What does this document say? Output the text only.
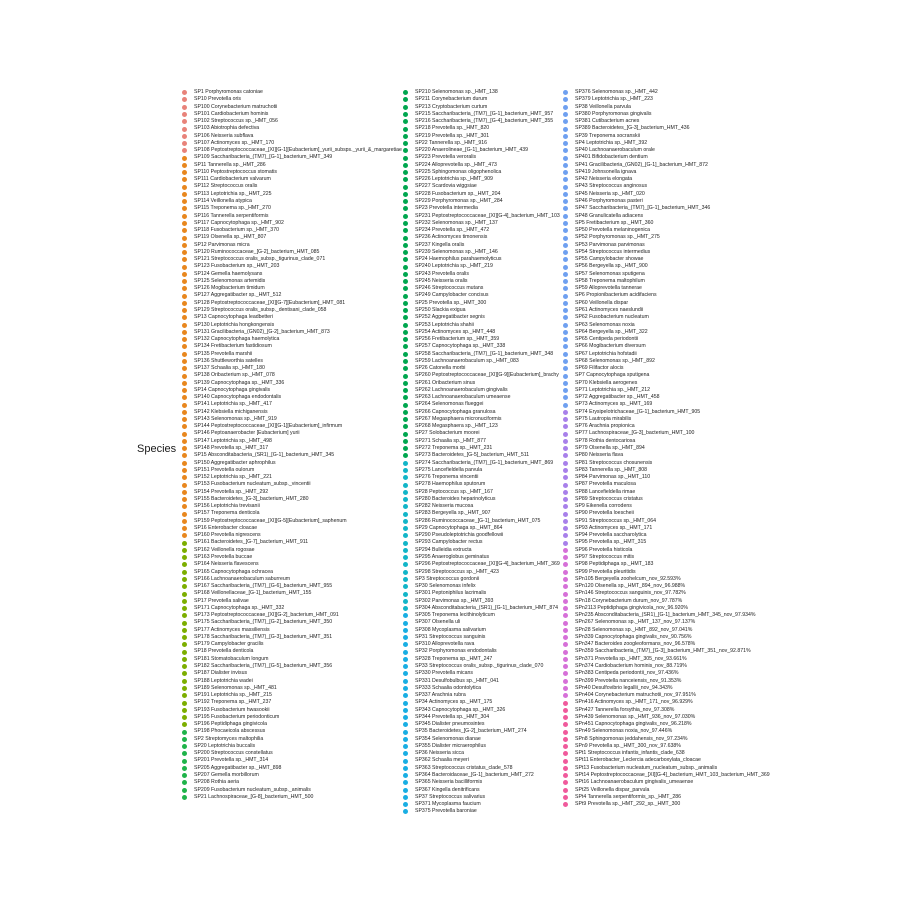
Species
SP1 Porphyromonas catoniae
SP10 Prevotella oris
SP100 Corynebacterium matruchotii
SP101 Cardiobacterium hominis
SP102 Streptococcus sp._HMT_056
SP103 Abiotrophia defectiva
SP106 Neisseria subflava
SP107 Actinomyces sp._HMT_170
SP108 Peptostreptococcaceae_[XI][G-1][Eubacterium]_yurii_subsps._yurii_&_margaretiae
SP109 Saccharibacteria_(TM7)_[G-1]_bacterium_HMT_349
SP11 Tannerella sp._HMT_286
SP110 Peptostreptococcus stomatis
SP111 Cardiobacterium valvarum
SP112 Streptococcus oralis
SP113 Leptotrichia sp._HMT_225
SP114 Veillonella atypica
SP115 Treponema sp._HMT_270
SP116 Tannerella serpentiformis
SP117 Capnocytophaga sp._HMT_902
SP118 Fusobacterium sp._HMT_370
SP119 Olsenella sp._HMT_807
SP12 Parvimonas micra
SP120 Ruminococcaceae_[G-2]_bacterium_HMT_085
SP121 Streptococcus oralis_subsp._tigurinus_clade_071
SP123 Fusobacterium sp._HMT_203
SP124 Gemella haemolysans
SP125 Selenomonas artemidis
SP126 Mogibacterium timidum
SP127 Aggregatibacter sp._HMT_512
SP128 Peptostreptococcaceae_[XI][G-7][Eubacterium]_HMT_081
SP129 Streptococcus oralis_subsp._dentisani_clade_058
SP13 Capnocytophaga leadbetteri
SP130 Leptotrichia hongkongensis
SP131 Gracilibacteria_(GN02)_[G-2]_bacterium_HMT_873
SP132 Capnocytophaga haemolytica
SP134 Fretibacterium fastidiosum
SP135 Prevotella marshii
SP136 Shuttleworthia satelles
SP137 Schaalia sp._HMT_180
SP138 Oribacterium sp._HMT_078
SP139 Capnocytophaga sp._HMT_336
SP14 Capnocytophaga gingivalis
SP140 Capnocytophaga endodontalis
SP141 Leptotrichia sp._HMT_417
SP142 Klebsiella michiganensis
SP143 Selenomonas sp._HMT_919
SP144 Peptostreptococcaceae_[XI][G-1][Eubacterium]_infirmum
SP146 Peptoanaerobacter [Eubacterium] yurii
SP147 Leptotrichia sp._HMT_498
SP148 Prevotella sp._HMT_317
SP15 Absconditabacteria_(SR1)_[G-1]_bacterium_HMT_345
SP150 Aggregatibacter aphrophilus
SP151 Prevotella oulorum
SP152 Leptotrichia sp._HMT_221
SP153 Fusobacterium nucleatum_subsp._vincentii
SP154 Prevotella sp._HMT_292
SP155 Bacteroidetes_[G-3]_bacterium_HMT_280
SP156 Leptotrichia trevisanii
SP157 Treponema denticola
SP159 Peptostreptococcaceae_[XI][G-5][Eubacterium]_saphenum
SP16 Enterobacter cloacae
SP160 Prevotella nigrescens
SP161 Bacteroidetes_[G-7]_bacterium_HMT_911
SP162 Veillonella rogosae
SP163 Prevotella buccae
SP164 Neisseria flavescens
SP165 Capnocytophaga ochracea
SP166 Lachnoanaerobaculum saburreum
SP167 Saccharibacteria_(TM7)_[G-6]_bacterium_HMT_955
SP168 Veillonellaceae_[G-1]_bacterium_HMT_155
SP17 Prevotella salivae
SP171 Capnocytophaga sp._HMT_332
SP173 Peptostreptococcaceae_[XI][G-2]_bacterium_HMT_091
SP175 Saccharibacteria_(TM7)_[G-2]_bacterium_HMT_350
SP177 Actinomyces massiliensis
SP178 Saccharibacteria_(TM7)_[G-3]_bacterium_HMT_351
SP179 Campylobacter gracilis
SP18 Prevotella denticola
SP181 Stomatobaculum longum
SP182 Saccharibacteria_(TM7)_[G-5]_bacterium_HMT_356
SP187 Dialister invisus
SP188 Leptotrichia wadei
SP189 Selenomonas sp._HMT_481
SP191 Leptotrichia sp._HMT_215
SP192 Treponema sp._HMT_237
SP193 Fusobacterium hwasookii
SP195 Fusobacterium periodonticum
SP196 Peptidiphaga gingivicola
SP198 Phocaeicola abscessus
SP2 Streptomyces maltophilia
SP20 Leptotrichia buccalis
SP200 Streptococcus constellatus
SP201 Prevotella sp._HMT_314
SP205 Aggregatibacter sp._HMT_898
SP207 Gemella morbillorum
SP208 Rothia aeria
SP209 Fusobacterium nucleatum_subsp._animalis
SP21 Lachnospiraceae_[G-8]_bacterium_HMT_500
SP210 Selenomonas sp._HMT_138
SP211 Corynebacterium durum
SP213 Cryptobacterium curtum
SP215 Saccharibacteria_(TM7)_[G-1]_bacterium_HMT_957
SP216 Saccharibacteria_(TM7)_[G-4]_bacterium_HMT_355
SP218 Prevotella sp._HMT_820
SP219 Prevotella sp._HMT_301
SP22 Tannerella sp._HMT_916
SP220 Anaerolineae_[G-1]_bacterium_HMT_439
SP223 Prevotella veroralis
SP224 Alloprevotella sp._HMT_473
SP225 Sphingomonas oligophenolica
SP226 Leptotrichia sp._HMT_909
SP227 Scardovia wiggsiae
SP228 Fusobacterium sp._HMT_204
SP229 Porphyromonas sp._HMT_284
SP23 Prevotella intermedia
SP231 Peptostreptococcaceae_[XI][G-4]_bacterium_HMT_103
SP232 Selenomonas sp._HMT_137
SP234 Prevotella sp._HMT_472
SP236 Actinomyces timonensis
SP237 Kingella oralis
SP239 Selenomonas sp._HMT_146
SP24 Haemophilus parahaemolyticus
SP240 Leptotrichia sp._HMT_219
SP243 Prevotella oralis
SP245 Neisseria oralis
SP246 Streptococcus mutans
SP249 Campylobacter concisus
SP25 Prevotella sp._HMT_300
SP250 Slackia exigua
SP252 Aggregatibacter segnis
SP253 Leptotrichia shahii
SP254 Actinomyces sp._HMT_448
SP256 Fretibacterium sp._HMT_359
SP257 Capnocytophaga sp._HMT_338
SP258 Saccharibacteria_(TM7)_[G-1]_bacterium_HMT_348
SP259 Lachnoanaerobaculum sp._HMT_083
SP26 Catonella morbi
SP260 Peptostreptococcaceae_[XI][G-9][Eubacterium]_brachy
SP261 Oribacterium sinus
SP262 Lachnoanaerobaculum gingivalis
SP263 Lachnoanaerobaculum umeaense
SP264 Selenomonas flueggei
SP266 Capnocytophaga granulosa
SP267 Megasphaera micronuciformis
SP268 Megasphaera sp._HMT_123
SP27 Solobacterium moorei
SP271 Schaalia sp._HMT_877
SP272 Treponema sp._HMT_231
SP273 Bacteroidetes_[G-5]_bacterium_HMT_511
SP274 Saccharibacteria_(TM7)_[G-1]_bacterium_HMT_869
SP275 Lancefieldella parvula
SP276 Treponema vincentii
SP278 Haemophilus sputorum
SP28 Peptococcus sp._HMT_167
SP280 Bacteroides heparinolyticus
SP282 Neisseria mucosa
SP283 Bergeyella sp._HMT_907
SP286 Ruminococcaceae_[G-1]_bacterium_HMT_075
SP29 Capnocytophaga sp._HMT_864
SP290 Pseudoleptotrichia goodfellowii
SP293 Campylobacter rectus
SP294 Bulleidia extructa
SP295 Anaeroglobus geminatus
SP296 Peptostreptococcaceae_[XI][G-4]_bacterium_HMT_369
SP298 Streptococcus sp._HMT_423
SP3 Streptococcus gordonii
SP30 Selenomonas infelix
SP301 Peptoniphilus lacrimalis
SP302 Parvimonas sp._HMT_393
SP304 Absconditabacteria_(SR1)_[G-1]_bacterium_HMT_874
SP305 Treponema lecithinolyticum
SP307 Olsenella uli
SP308 Mycoplasma salivarium
SP31 Streptococcus sanguinis
SP310 Alloprevotella rava
SP32 Porphyromonas endodontalis
SP328 Treponema sp._HMT_247
SP33 Streptococcus oralis_subsp._tigurinus_clade_070
SP330 Prevotella micans
SP331 Desulfobulbus sp._HMT_041
SP333 Schaalia odontolytica
SP337 Arachnia rubra
SP34 Actinomyces sp._HMT_175
SP343 Capnocytophaga sp._HMT_326
SP344 Prevotella sp._HMT_304
SP345 Dialister pneumosintes
SP35 Bacteroidetes_[G-2]_bacterium_HMT_274
SP354 Selenomonas dianae
SP355 Dialister micraerophilus
SP36 Neisseria sicca
SP362 Schaalia meyeri
SP363 Streptococcus cristatus_clade_578
SP364 Bacteroidaceae_[G-1]_bacterium_HMT_272
SP365 Neisseria bacilliformis
SP367 Kingella denitrificans
SP37 Streptococcus salivarius
SP371 Mycoplasma faucium
SP375 Prevotella baroniae
SP376 Selenomonas sp._HMT_442
SP379 Leptotrichia sp._HMT_223
SP38 Veillonella parvula
SP380 Porphyromonas gingivalis
SP381 Cutibacterium acnes
SP389 Bacteroidetes_[G-3]_bacterium_HMT_436
SP39 Treponema socranskii
SP4 Leptotrichia sp._HMT_392
SP40 Lachnoanaerobaculum orale
SP401 Bifidobacterium dentium
SP41 Gracilibacteria_(GN02)_[G-1]_bacterium_HMT_872
SP419 Johnsonella ignava
SP42 Neisseria elongata
SP43 Streptococcus anginosus
SP45 Neisseria sp._HMT_020
SP46 Porphyromonas pasteri
SP47 Saccharibacteria_(TM7)_[G-1]_bacterium_HMT_346
SP48 Granulicatella adiacens
SP5 Fretibacterium sp._HMT_360
SP50 Prevotella melaninogenica
SP52 Porphyromonas sp._HMT_275
SP53 Parvimonas parvimonas
SP54 Streptococcus intermedius
SP55 Campylobacter showae
SP56 Bergeyella sp._HMT_900
SP57 Selenomonas sputigena
SP58 Treponema maltophilum
SP59 Alloprevotella tannerae
SP6 Propionibacterium acidifaciens
SP60 Veillonella dispar
SP61 Actinomyces naeslundii
SP62 Fusobacterium nucleatum
SP63 Selenomonas noxia
SP64 Bergeyella sp._HMT_322
SP65 Centipeda periodontii
SP66 Mogibacterium diversum
SP67 Leptotrichia hofstadii
SP68 Selenomonas sp._HMT_892
SP69 Filifactor alocis
SP7 Capnocytophaga sputigena
SP70 Klebsiella aerogenes
SP71 Leptotrichia sp._HMT_212
SP72 Aggregatibacter sp._HMT_458
SP73 Actinomyces sp._HMT_169
SP74 Erysipelotrichaceae_[G-1]_bacterium_HMT_905
SP75 Lautropia mirabilis
SP76 Arachnia propionica
SP77 Lachnospiraceae_[G-3]_bacterium_HMT_100
SP78 Rothia dentocariosa
SP79 Olsenella sp._HMT_894
SP80 Neisseria flava
SP81 Streptococcus chosunensis
SP83 Tannerella sp._HMT_808
SP84 Parvimonas sp._HMT_110
SP87 Prevotella maculosa
SP88 Lancefieldella rimae
SP89 Streptococcus cristatus
SP9 Eikenella corrodens
SP90 Prevotella loescheii
SP91 Streptococcus sp._HMT_064
SP93 Actinomyces sp._HMT_171
SP94 Prevotella saccharolytica
SP95 Prevotella sp._HMT_315
SP96 Prevotella histicola
SP97 Streptococcus mitis
SP98 Peptidiphaga sp._HMT_183
SP99 Prevotella pleuritidis
SPn105 Bergeyella zoohelcum_nov_92.593%
SPn120 Olsenella sp._HMT_894_nov_96.988%
SPn146 Streptococcus sanguinis_nov_97.782%
SPn18 Corynebacterium durum_nov_97.787%
SPn2113 Peptidiphaga gingivicola_nov_96.920%
SPn235 Absconditabacteria_(SR1)_[G-1]_bacterium_HMT_345_nov_97.934%
SPn267 Selenomonas sp._HMT_137_nov_97.137%
SPn28 Selenomonas sp._HMT_892_nov_97.041%
SPn339 Capnocytophaga gingivalis_nov_90.756%
SPn347 Bacteroides zoogleoformans_nov_96.578%
SPn359 Saccharibacteria_(TM7)_[G-3]_bacterium_HMT_351_nov_92.871%
SPn371 Prevotella sp._HMT_305_nov_93.661%
SPn374 Cardiobacterium hominis_nov_88.719%
SPn383 Centipeda periodontii_nov_97.436%
SPn399 Prevotella nanceiensis_nov_91.353%
SPn40 Desulfovibrio legallii_nov_94.343%
SPn404 Corynebacterium matruchotii_nov_97.951%
SPn416 Actinomyces sp._HMT_171_nov_96.929%
SPn427 Tannerella forsythia_nov_97.308%
SPn439 Selenomonas sp._HMT_936_nov_97.030%
SPn451 Capnocytophaga gingivalis_nov_96.218%
SPn49 Selenomonas noxia_nov_97.446%
SPn8 Sphingomonas jeddahensis_nov_97.234%
SPn9 Prevotella sp._HMT_300_nov_97.638%
SPt1 Streptococcus infantis_infantis_clade_638
SPt11 Enterobacter_Leclercia adecarboxylata_cloacae
SPt13 Fusobacterium nucleatum_nucleatum_subsp._animalis
SPt14 Peptostreptococcaceae_[XI][G-4]_bacterium_HMT_103_bacterium_HMT_369
SPt16 Lachnoanaerobaculum gingivalis_umeaense
SPt25 Veillonella dispar_parvula
SPt4 Tannerella serpentiformis_sp._HMT_286
SPt9 Prevotella sp._HMT_292_sp._HMT_300
